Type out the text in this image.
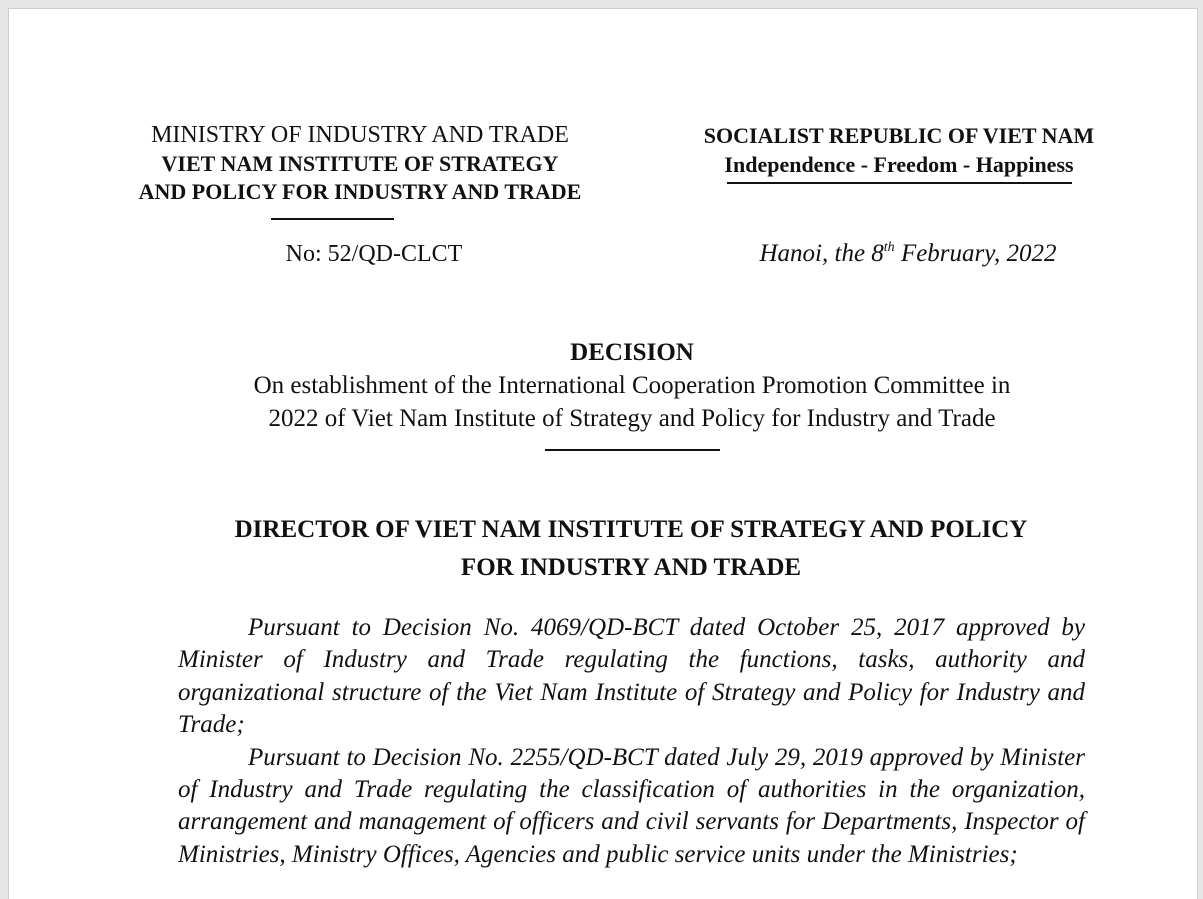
MINISTRY OF INDUSTRY AND TRADE
VIET NAM INSTITUTE OF STRATEGY
AND POLICY FOR INDUSTRY AND TRADE
SOCIALIST REPUBLIC OF VIET NAM
Independence - Freedom - Happiness
No: 52/QD-CLCT	Hanoi, the 8th February, 2022
DECISION
On establishment of the International Cooperation Promotion Committee in
2022 of Viet Nam Institute of Strategy and Policy for Industry and Trade
DIRECTOR OF VIET NAM INSTITUTE OF STRATEGY AND POLICY
FOR INDUSTRY AND TRADE

Pursuant to Decision No. 4069/QD-BCT dated October 25, 2017 approved by Minister of Industry and Trade regulating the functions, tasks, authority and organizational structure of the Viet Nam Institute of Strategy and Policy for Industry and Trade;

Pursuant to Decision No. 2255/QD-BCT dated July 29, 2019 approved by Minister of Industry and Trade regulating the classification of authorities in the organization, arrangement and management of officers and civil servants for Departments, Inspector of Ministries, Ministry Offices, Agencies and public service units under the Ministries;
